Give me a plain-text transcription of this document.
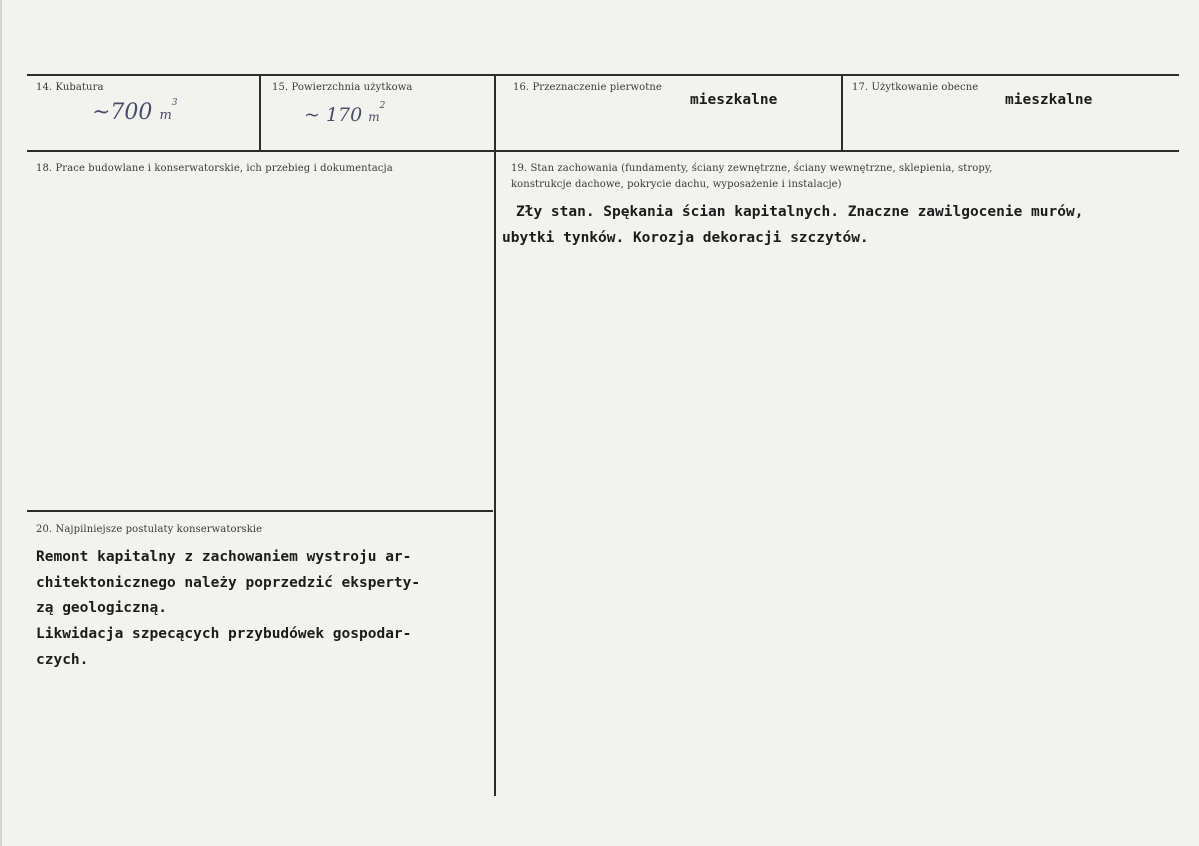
14. Kubatura
~700 $m^3$
15. Powierzchnia użytkowa
~ 170 $m^2$
16. Przeznaczenie pierwotne
mieszkalne
17. Użytkowanie obecne
mieszkalne
18. Prace budowlane i konserwatorskie, ich przebieg i dokumentacja	19. Stan zachowania (fundamenty, ściany zewnętrzne, ściany wewnętrzne, sklepienia, stropy,
konstrukcje dachowe, pokrycie dachu, wyposażenie i instalacje)
Zły stan. Spękania ścian kapitalnych. Znaczne zawilgocenie murów,
ubytki tynków. Korozja dekoracji szczytów.
20. Najpilniejsze postulaty konserwatorskie
Remont kapitalny z zachowaniem wystroju ar-
chitektonicznego należy poprzedzić eksperty-
zą geologiczną.
Likwidacja szpecących przybudówek gospodar-
czych.
